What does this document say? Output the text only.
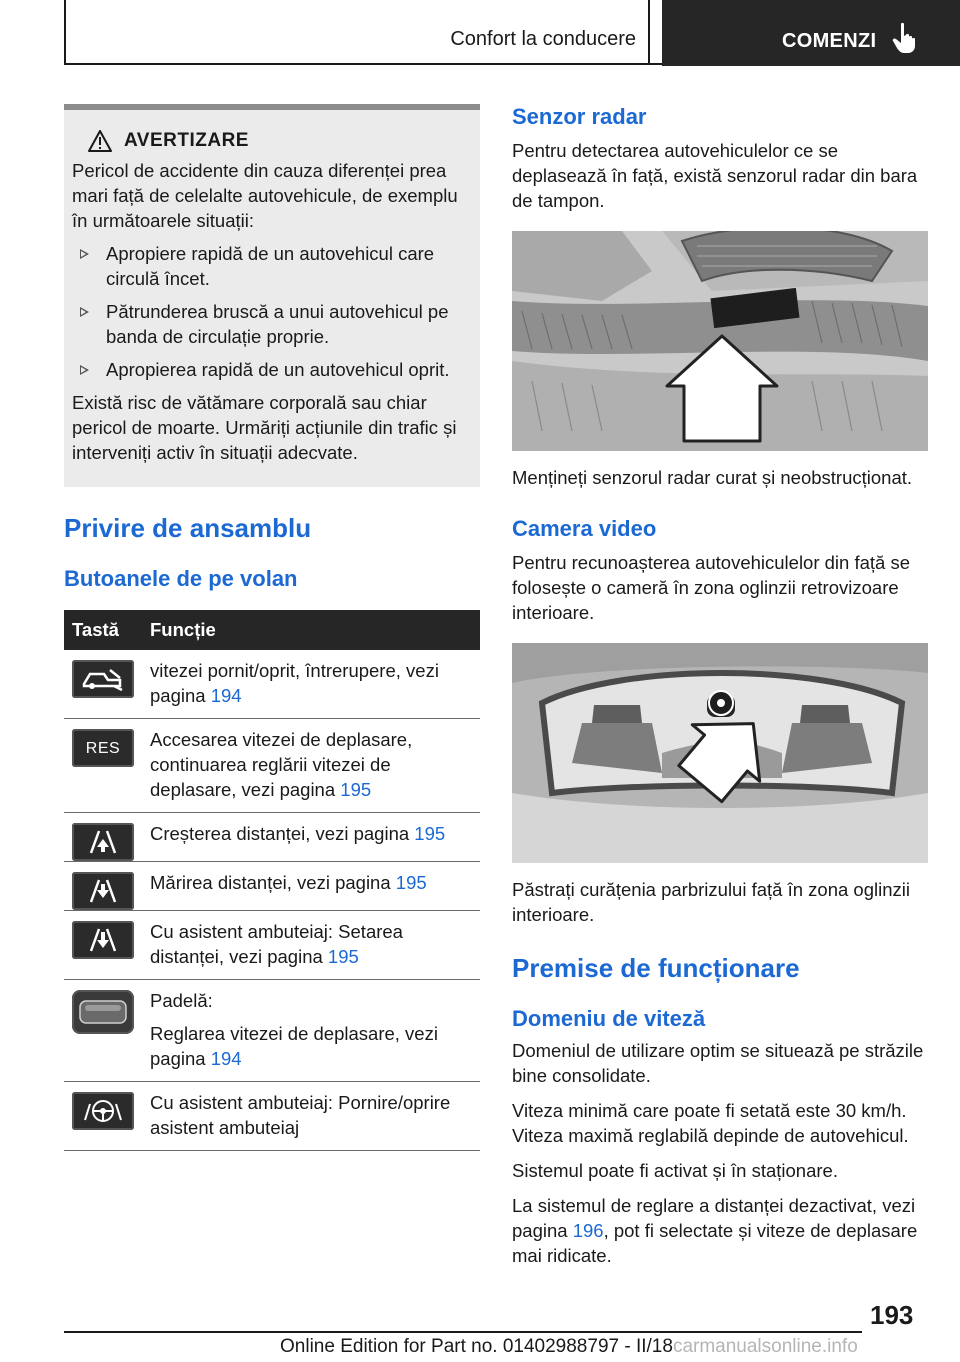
Confort la conducere	COMENZI
AVERTIZARE

Pericol de accidente din cauza diferenței prea mari față de celelalte autovehicule, de exemplu în următoarele situații:

Apropiere rapidă de un autovehicul care circulă încet.
Pătrunderea bruscă a unui autovehicul pe banda de circulație proprie.
Apropierea rapidă de un autovehicul oprit.

Există risc de vătămare corporală sau chiar pericol de moarte. Urmăriți acțiunile din trafic și interveniți activ în situații adecvate.

Privire de ansamblu
Butoanele de pe volan
Tastă	Funcție

	vitezei pornit/oprit, întrerupere, vezi pagina 194

RES	Accesarea vitezei de deplasare, continuarea reglării vitezei de deplasare, vezi pagina 195

	Creșterea distanței, vezi pagina 195

	Mărirea distanței, vezi pagina 195

	Cu asistent ambuteiaj: Setarea distanței, vezi pagina 195

Padelă:
Reglarea vitezei de deplasare, vezi pagina 194

	Cu asistent ambuteiaj: Pornire/oprire asistent ambuteiaj
Senzor radar

Pentru detectarea autovehiculelor ce se deplasează în față, există senzorul radar din bara de tampon.

Mențineți senzorul radar curat și neobstrucționat.

Camera video

Pentru recunoașterea autovehiculelor din față se folosește o cameră în zona oglinzii retrovizoare interioare.

Păstrați curățenia parbrizului față în zona oglinzii interioare.

Premise de funcționare
Domeniu de viteză

Domeniul de utilizare optim se situează pe străzile bine consolidate.

Viteza minimă care poate fi setată este 30 km/h. Viteza maximă reglabilă depinde de autovehicul.

Sistemul poate fi activat și în staționare.

La sistemul de reglare a distanței dezactivat, vezi pagina 196, pot fi selectate și viteze de deplasare mai ridicate.

193
Online Edition for Part no. 01402988797 - II/18carmanualsonline.info
